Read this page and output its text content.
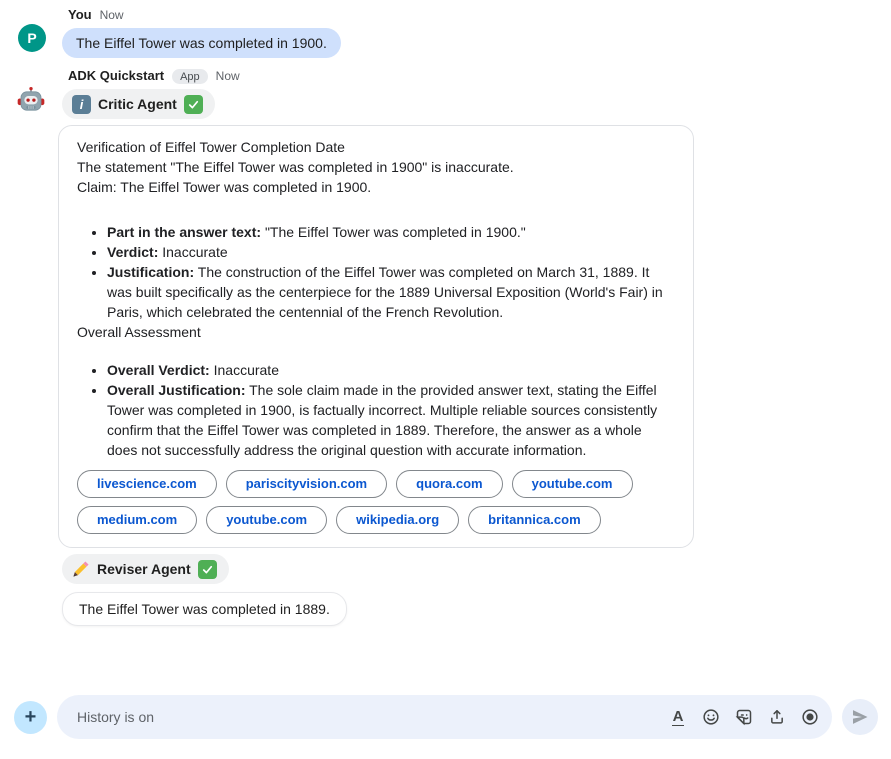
P
You Now
The Eiffel Tower was completed in 1900.
ADK Quickstart	App	Now
i	Critic Agent

Verification of Eiffel Tower Completion Date

The statement "The Eiffel Tower was completed in 1900" is inaccurate.

Claim: The Eiffel Tower was completed in 1900.

• Part in the answer text: "The Eiffel Tower was completed in 1900."
• Verdict: Inaccurate
• Justification: The construction of the Eiffel Tower was completed on March 31, 1889. It was built specifically as the centerpiece for the 1889 Universal Exposition (World's Fair) in Paris, which celebrated the centennial of the French Revolution.

Overall Assessment

• Overall Verdict: Inaccurate
• Overall Justification: The sole claim made in the provided answer text, stating the Eiffel Tower was completed in 1900, is factually incorrect. Multiple reliable sources consistently confirm that the Eiffel Tower was completed in 1889. Therefore, the answer as a whole does not successfully address the original question with accurate information.
livescience.com	pariscityvision.com	quora.com	youtube.com
medium.com	youtube.com	wikipedia.org	britannica.com
Reviser Agent
The Eiffel Tower was completed in 1889.
+
History is on	A
